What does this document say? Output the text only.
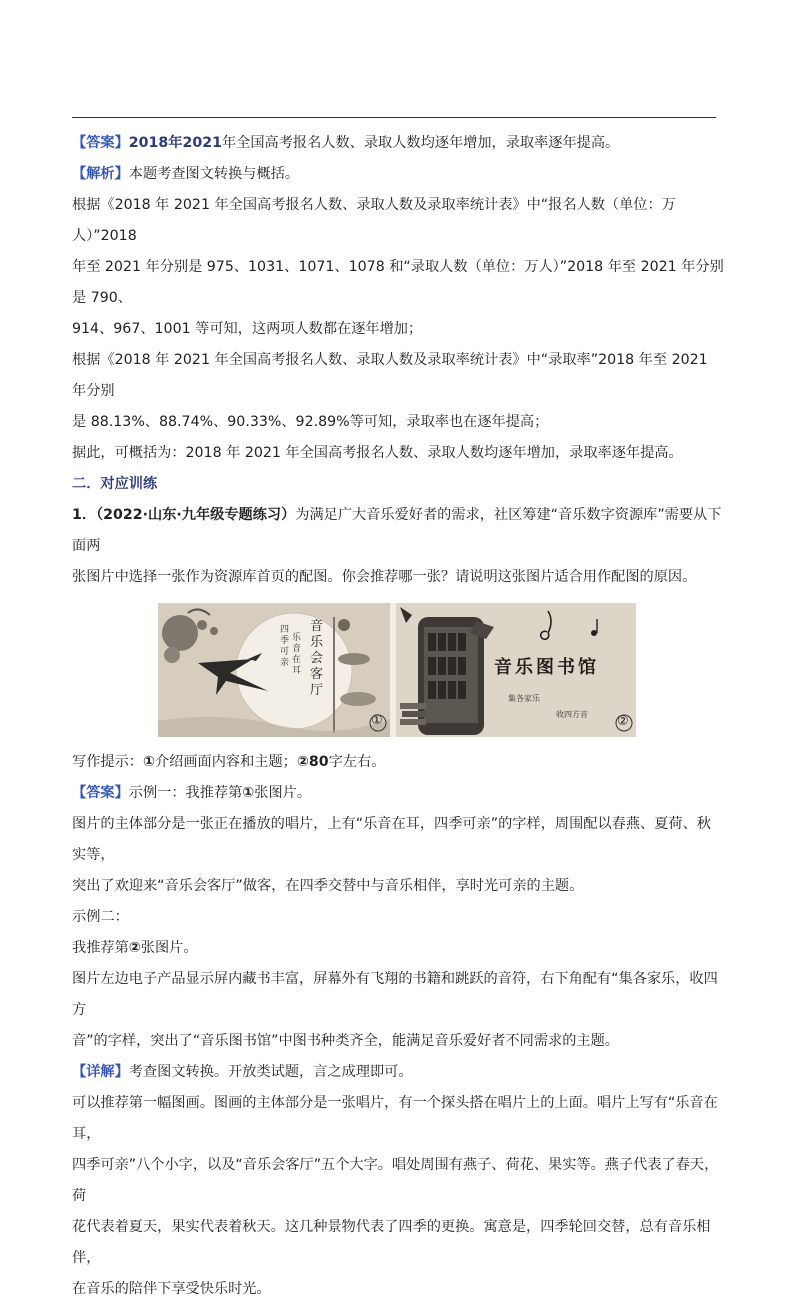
【答案】2018年2021年全国高考报名人数、录取人数均逐年增加，录取率逐年提高。

【解析】本题考查图文转换与概括。

根据《2018 年 2021 年全国高考报名人数、录取人数及录取率统计表》中“报名人数（单位：万人）”2018

年至 2021 年分别是 975、1031、1071、1078 和“录取人数（单位：万人）”2018 年至 2021 年分别是 790、

914、967、1001 等可知，这两项人数都在逐年增加；

根据《2018 年 2021 年全国高考报名人数、录取人数及录取率统计表》中“录取率”2018 年至 2021 年分别

是 88.13%、88.74%、90.33%、92.89%等可知，录取率也在逐年提高；

据此，可概括为：2018 年 2021 年全国高考报名人数、录取人数均逐年增加，录取率逐年提高。

二．对应训练

1．（2022·山东·九年级专题练习）为满足广大音乐爱好者的需求，社区筹建“音乐数字资源库”需要从下面两

张图片中选择一张作为资源库首页的配图。你会推荐哪一张？请说明这张图片适合用作配图的原因。

音
乐
会
客
厅
四
季
可
亲
乐
音
在
耳
①
音乐图书馆
集各家乐
收四方音 ②

写作提示：①介绍画面内容和主题；②80字左右。

【答案】示例一：我推荐第①张图片。

图片的主体部分是一张正在播放的唱片，上有“乐音在耳，四季可亲”的字样，周围配以春燕、夏荷、秋实等，

突出了欢迎来“音乐会客厅”做客，在四季交替中与音乐相伴，享时光可亲的主题。

示例二：

我推荐第②张图片。

图片左边电子产品显示屏内藏书丰富，屏幕外有飞翔的书籍和跳跃的音符，右下角配有“集各家乐，收四方

音”的字样，突出了“音乐图书馆”中图书种类齐全，能满足音乐爱好者不同需求的主题。

【详解】考查图文转换。开放类试题，言之成理即可。

可以推荐第一幅图画。图画的主体部分是一张唱片，有一个探头搭在唱片上的上面。唱片上写有“乐音在耳，

四季可亲”八个小字，以及“音乐会客厅”五个大字。唱处周围有燕子、荷花、果实等。燕子代表了春天，荷

花代表着夏天，果实代表着秋天。这几种景物代表了四季的更换。寓意是，四季轮回交替，总有音乐相伴，

在音乐的陪伴下享受快乐时光。
